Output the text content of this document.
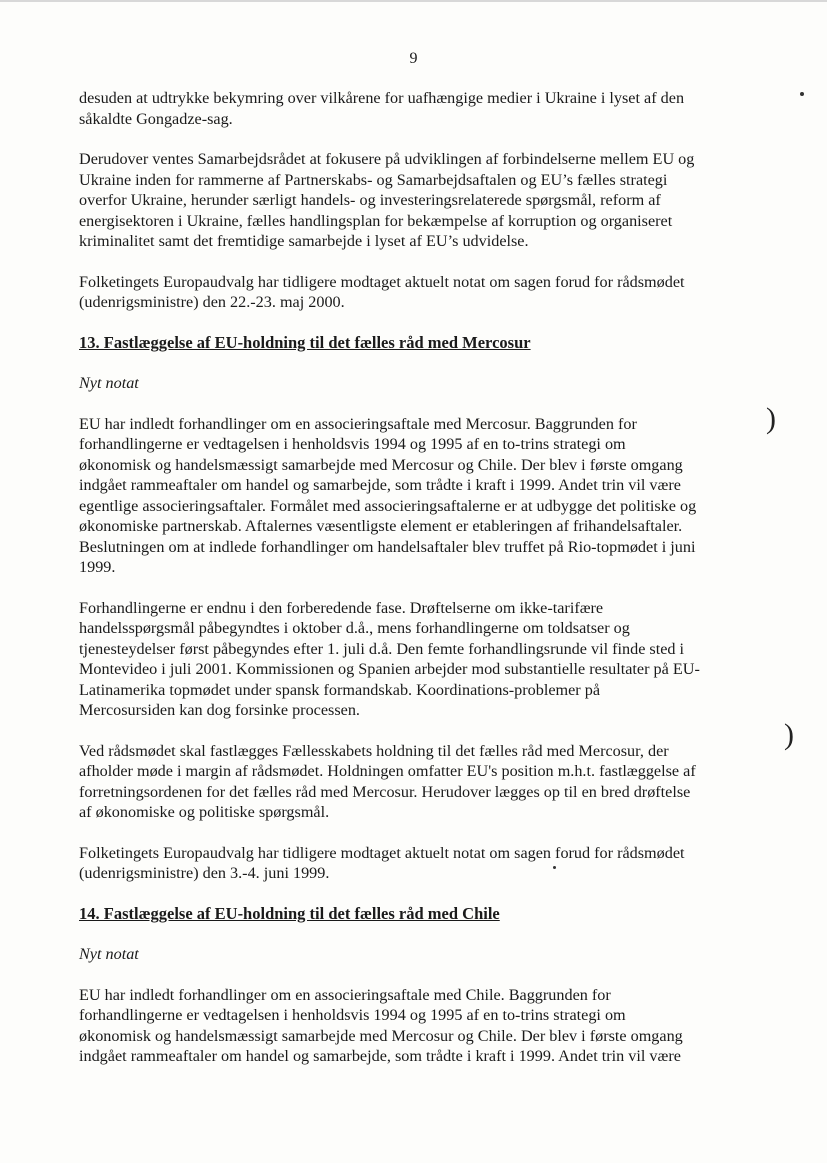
9
)
)

desuden at udtrykke bekymring over vilkårene for uafhængige medier i Ukraine i lyset af den
såkaldte Gongadze-sag.

Derudover ventes Samarbejdsrådet at fokusere på udviklingen af forbindelserne mellem EU og
Ukraine inden for rammerne af Partnerskabs- og Samarbejdsaftalen og EU’s fælles strategi
overfor Ukraine, herunder særligt handels- og investeringsrelaterede spørgsmål, reform af
energisektoren i Ukraine, fælles handlingsplan for bekæmpelse af korruption og organiseret
kriminalitet samt det fremtidige samarbejde i lyset af EU’s udvidelse.

Folketingets Europaudvalg har tidligere modtaget aktuelt notat om sagen forud for rådsmødet
(udenrigsministre) den 22.-23. maj 2000.

13. Fastlæggelse af EU-holdning til det fælles råd med Mercosur

Nyt notat

EU har indledt forhandlinger om en associeringsaftale med Mercosur. Baggrunden for
forhandlingerne er vedtagelsen i henholdsvis 1994 og 1995 af en to-trins strategi om
økonomisk og handelsmæssigt samarbejde med Mercosur og Chile. Der blev i første omgang
indgået rammeaftaler om handel og samarbejde, som trådte i kraft i 1999. Andet trin vil være
egentlige associeringsaftaler. Formålet med associeringsaftalerne er at udbygge det politiske og
økonomiske partnerskab. Aftalernes væsentligste element er etableringen af frihandelsaftaler.
Beslutningen om at indlede forhandlinger om handelsaftaler blev truffet på Rio-topmødet i juni
1999.

Forhandlingerne er endnu i den forberedende fase. Drøftelserne om ikke-tarifære
handelsspørgsmål påbegyndtes i oktober d.å., mens forhandlingerne om toldsatser og
tjenesteydelser først påbegyndes efter 1. juli d.å. Den femte forhandlingsrunde vil finde sted i
Montevideo i juli 2001. Kommissionen og Spanien arbejder mod substantielle resultater på EU-
Latinamerika topmødet under spansk formandskab. Koordinations-problemer på
Mercosursiden kan dog forsinke processen.

Ved rådsmødet skal fastlægges Fællesskabets holdning til det fælles råd med Mercosur, der
afholder møde i margin af rådsmødet. Holdningen omfatter EU's position m.h.t. fastlæggelse af
forretningsordenen for det fælles råd med Mercosur. Herudover lægges op til en bred drøftelse
af økonomiske og politiske spørgsmål.

Folketingets Europaudvalg har tidligere modtaget aktuelt notat om sagen forud for rådsmødet
(udenrigsministre) den 3.-4. juni 1999.

14. Fastlæggelse af EU-holdning til det fælles råd med Chile

Nyt notat

EU har indledt forhandlinger om en associeringsaftale med Chile. Baggrunden for
forhandlingerne er vedtagelsen i henholdsvis 1994 og 1995 af en to-trins strategi om
økonomisk og handelsmæssigt samarbejde med Mercosur og Chile. Der blev i første omgang
indgået rammeaftaler om handel og samarbejde, som trådte i kraft i 1999. Andet trin vil være
